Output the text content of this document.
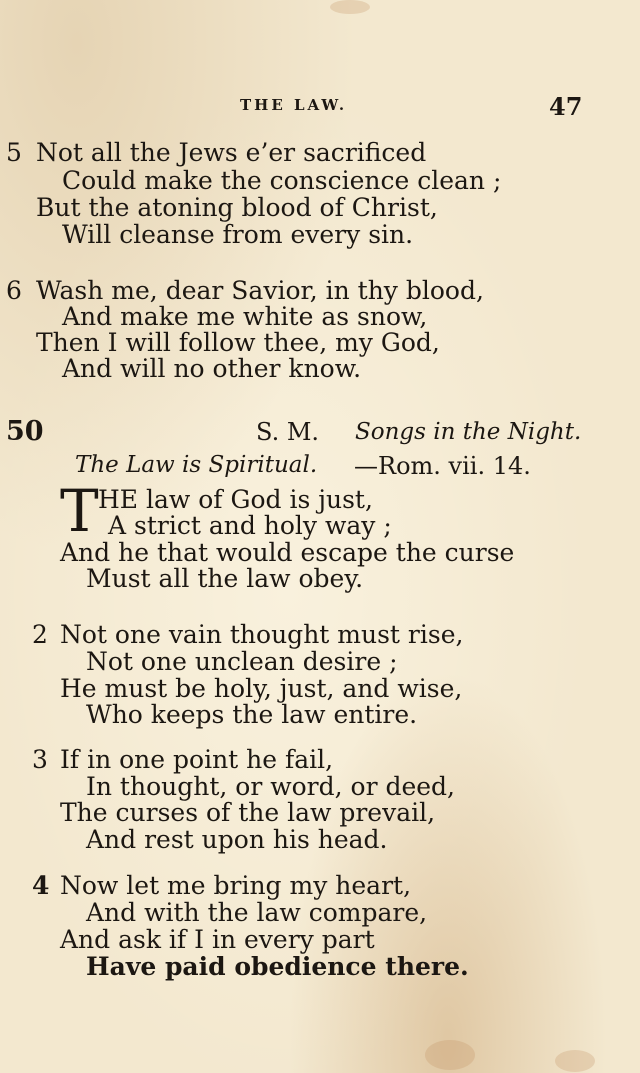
THE LAW.	47
5 Not all the Jews e’er sacrificed
Could make the conscience clean ;
But the atoning blood of Christ,
Will cleanse from every sin.
6 Wash me, dear Savior, in thy blood,
And make me white as snow,
Then I will follow thee, my God,
And will no other know.
50	S. M. Songs in the Night.
The Law is Spiritual. —Rom. vii. 14.
T HE law of God is just,
A strict and holy way ;
And he that would escape the curse
Must all the law obey.
2 Not one vain thought must rise,
Not one unclean desire ;
He must be holy, just, and wise,
Who keeps the law entire.
3 If in one point he fail,
In thought, or word, or deed,
The curses of the law prevail,
And rest upon his head.
4 Now let me bring my heart,
And with the law compare,
And ask if I in every part
Have paid obedience there.
